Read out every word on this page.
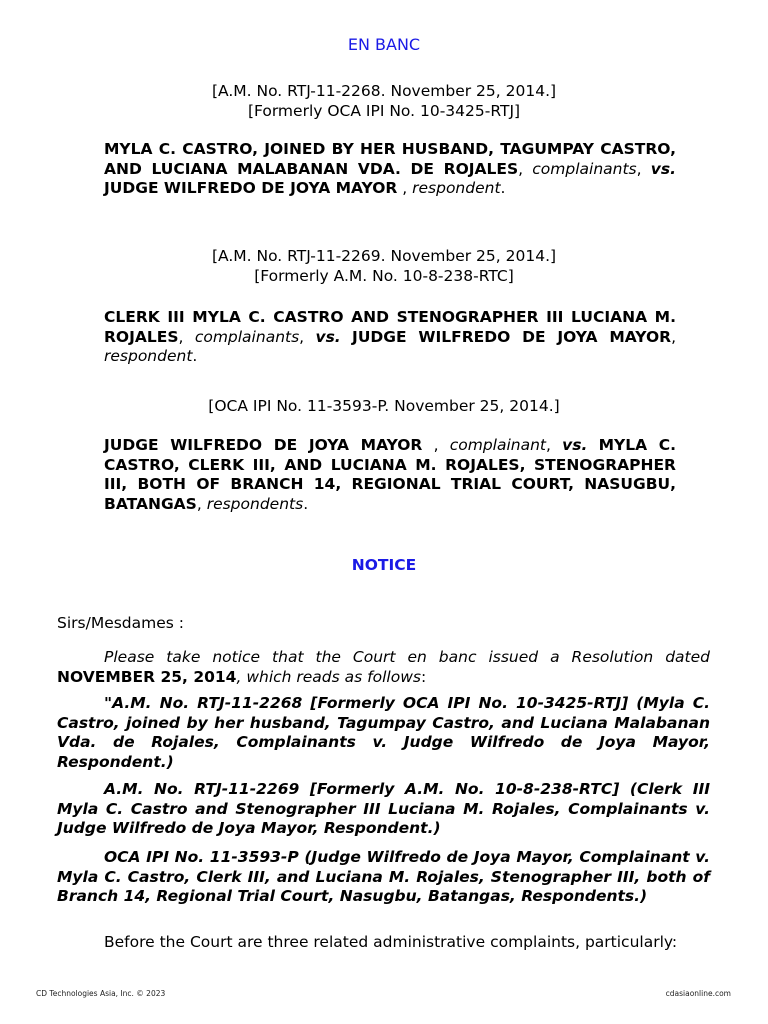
EN BANC
[A.M. No. RTJ-11-2268. November 25, 2014.]
[Formerly OCA IPI No. 10-3425-RTJ]
MYLA C. CASTRO, JOINED BY HER HUSBAND, TAGUMPAY CASTRO, AND LUCIANA MALABANAN VDA. DE ROJALES, complainants, vs. JUDGE WILFREDO DE JOYA MAYOR , respondent.
[A.M. No. RTJ-11-2269. November 25, 2014.]
[Formerly A.M. No. 10-8-238-RTC]
CLERK III MYLA C. CASTRO AND STENOGRAPHER III LUCIANA M. ROJALES, complainants, vs. JUDGE WILFREDO DE JOYA MAYOR, respondent.
[OCA IPI No. 11-3593-P. November 25, 2014.]
JUDGE WILFREDO DE JOYA MAYOR , complainant, vs. MYLA C. CASTRO, CLERK III, AND LUCIANA M. ROJALES, STENOGRAPHER III, BOTH OF BRANCH 14, REGIONAL TRIAL COURT, NASUGBU, BATANGAS, respondents.
NOTICE
Sirs/Mesdames :
Please take notice that the Court en banc issued a Resolution dated NOVEMBER 25, 2014, which reads as follows:
"A.M. No. RTJ-11-2268 [Formerly OCA IPI No. 10-3425-RTJ] (Myla C. Castro, joined by her husband, Tagumpay Castro, and Luciana Malabanan Vda. de Rojales, Complainants v. Judge Wilfredo de Joya Mayor, Respondent.)
A.M. No. RTJ-11-2269 [Formerly A.M. No. 10-8-238-RTC] (Clerk III Myla C. Castro and Stenographer III Luciana M. Rojales, Complainants v. Judge Wilfredo de Joya Mayor, Respondent.)
OCA IPI No. 11-3593-P (Judge Wilfredo de Joya Mayor, Complainant v. Myla C. Castro, Clerk III, and Luciana M. Rojales, Stenographer III, both of Branch 14, Regional Trial Court, Nasugbu, Batangas, Respondents.)
Before the Court are three related administrative complaints, particularly:
CD Technologies Asia, Inc. © 2023	cdasiaonline.com
